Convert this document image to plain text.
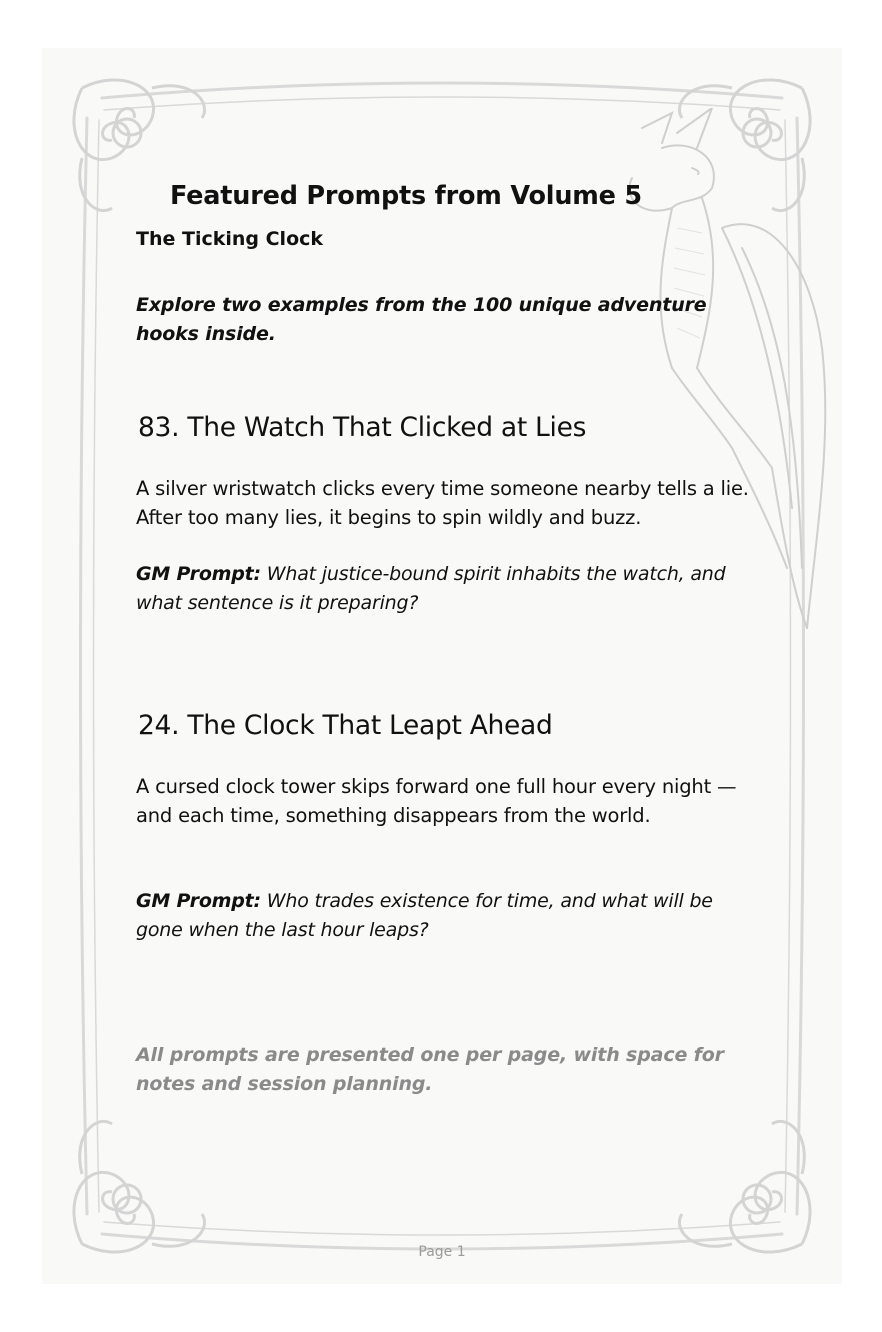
Featured Prompts from Volume 5
The Ticking Clock

Explore two examples from the 100 unique adventure hooks inside.

83. The Watch That Clicked at Lies

A silver wristwatch clicks every time someone nearby tells a lie. After too many lies, it begins to spin wildly and buzz.

GM Prompt: What justice-bound spirit inhabits the watch, and what sentence is it preparing?

24. The Clock That Leapt Ahead

A cursed clock tower skips forward one full hour every night — and each time, something disappears from the world.

GM Prompt: Who trades existence for time, and what will be gone when the last hour leaps?

All prompts are presented one per page, with space for notes and session planning.

Page 1
